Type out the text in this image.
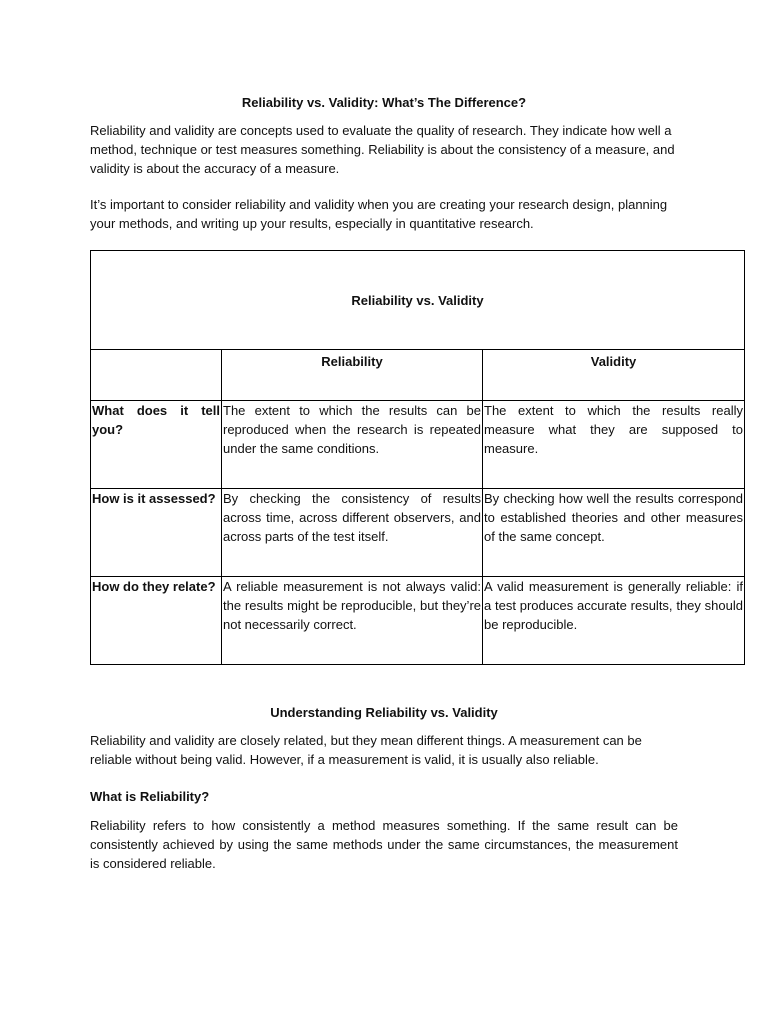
Reliability vs. Validity: What’s The Difference?
Reliability and validity are concepts used to evaluate the quality of research. They indicate how well a method, technique or test measures something. Reliability is about the consistency of a measure, and validity is about the accuracy of a measure.
It’s important to consider reliability and validity when you are creating your research design, planning your methods, and writing up your results, especially in quantitative research.
Reliability vs. Validity		
	Reliability	Validity
What does it tell you?	The extent to which the results can be reproduced when the research is repeated under the same conditions.	The extent to which the results really measure what they are supposed to measure.
How is it assessed?	By checking the consistency of results across time, across different observers, and across parts of the test itself.	By checking how well the results correspond to established theories and other measures of the same concept.
How do they relate?	A reliable measurement is not always valid: the results might be reproducible, but they’re not necessarily correct.	A valid measurement is generally reliable: if a test produces accurate results, they should be reproducible.
Understanding Reliability vs. Validity
Reliability and validity are closely related, but they mean different things. A measurement can be reliable without being valid. However, if a measurement is valid, it is usually also reliable.
What is Reliability?
Reliability refers to how consistently a method measures something. If the same result can be consistently achieved by using the same methods under the same circumstances, the measurement is considered reliable.
